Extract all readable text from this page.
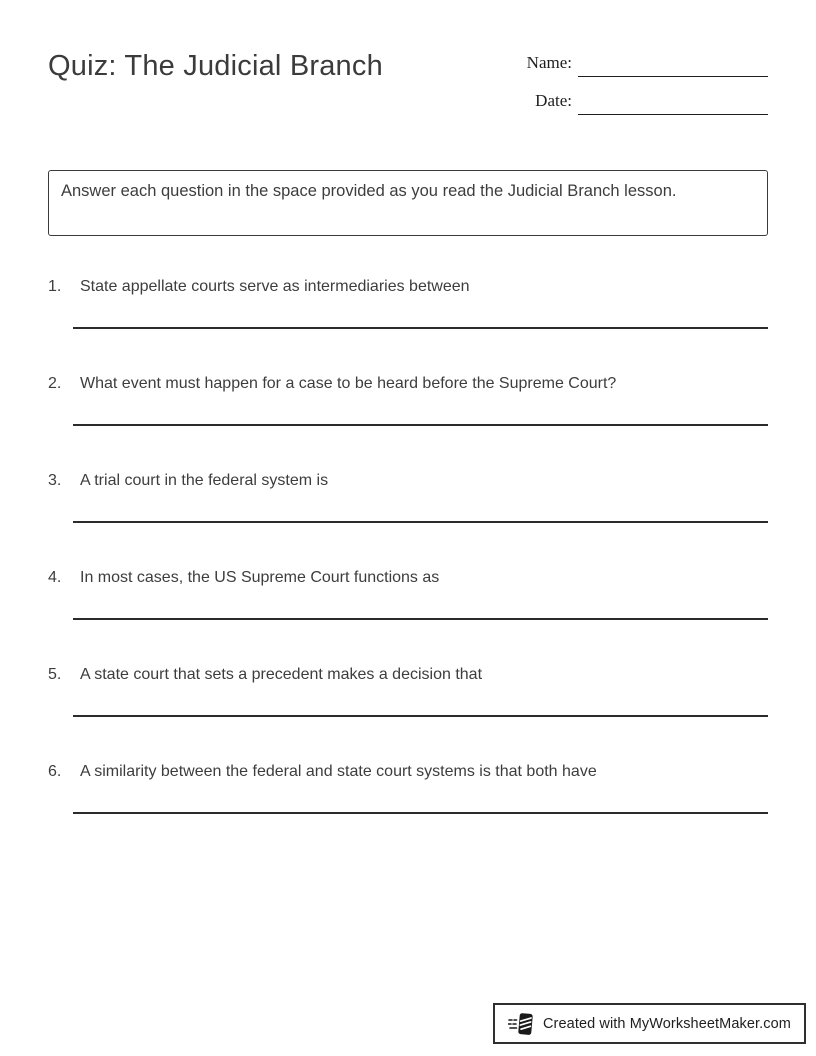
Quiz: The Judicial Branch	Name:
Date:
Answer each question in the space provided as you read the Judicial Branch lesson.
1.	State appellate courts serve as intermediaries between
2.	What event must happen for a case to be heard before the Supreme Court?
3.	A trial court in the federal system is
4.	In most cases, the US Supreme Court functions as
5.	A state court that sets a precedent makes a decision that
6.	A similarity between the federal and state court systems is that both have
Created with MyWorksheetMaker.com
